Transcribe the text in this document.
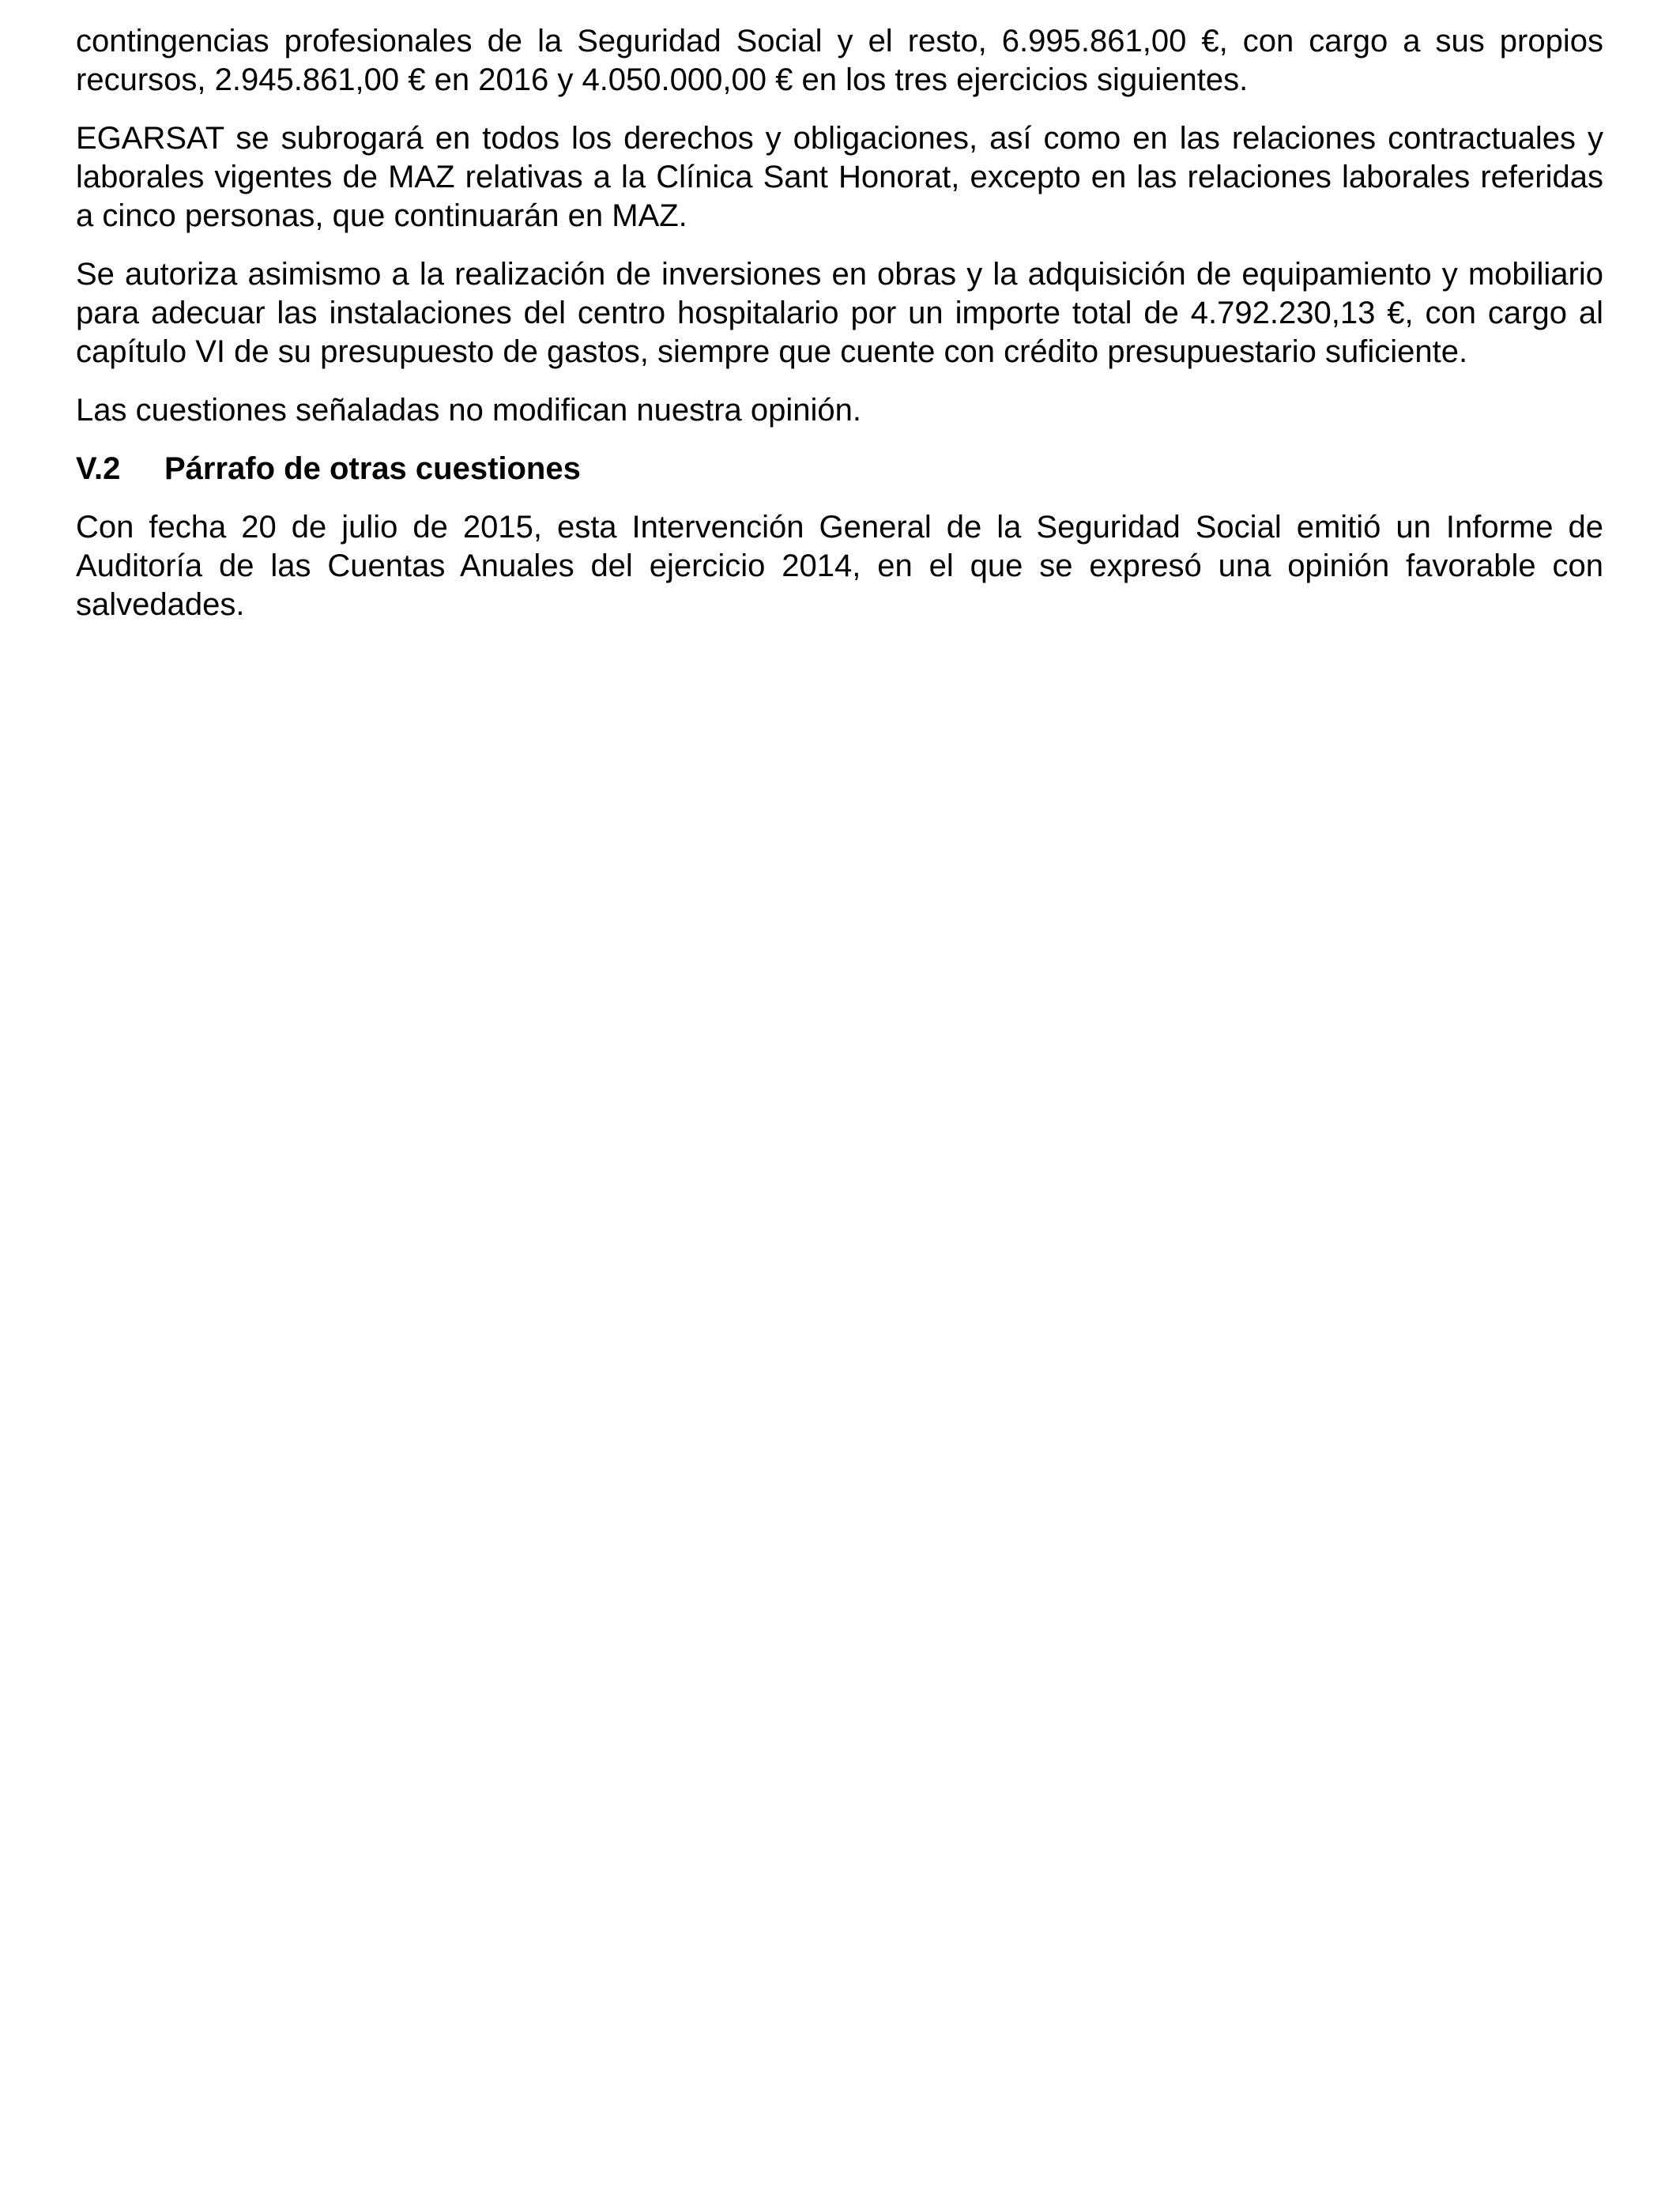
contingencias profesionales de la Seguridad Social y el resto, 6.995.861,00 €, con cargo a sus propios recursos, 2.945.861,00 € en 2016 y 4.050.000,00 € en los tres ejercicios siguientes.

EGARSAT se subrogará en todos los derechos y obligaciones, así como en las relaciones contractuales y laborales vigentes de MAZ relativas a la Clínica Sant Honorat, excepto en las relaciones laborales referidas a cinco personas, que continuarán en MAZ.

Se autoriza asimismo a la realización de inversiones en obras y la adquisición de equipamiento y mobiliario para adecuar las instalaciones del centro hospitalario por un importe total de 4.792.230,13 €, con cargo al capítulo VI de su presupuesto de gastos, siempre que cuente con crédito presupuestario suficiente.

Las cuestiones señaladas no modifican nuestra opinión.

V.2	Párrafo de otras cuestiones

Con fecha 20 de julio de 2015, esta Intervención General de la Seguridad Social emitió un Informe de Auditoría de las Cuentas Anuales del ejercicio 2014, en el que se expresó una opinión favorable con salvedades.
